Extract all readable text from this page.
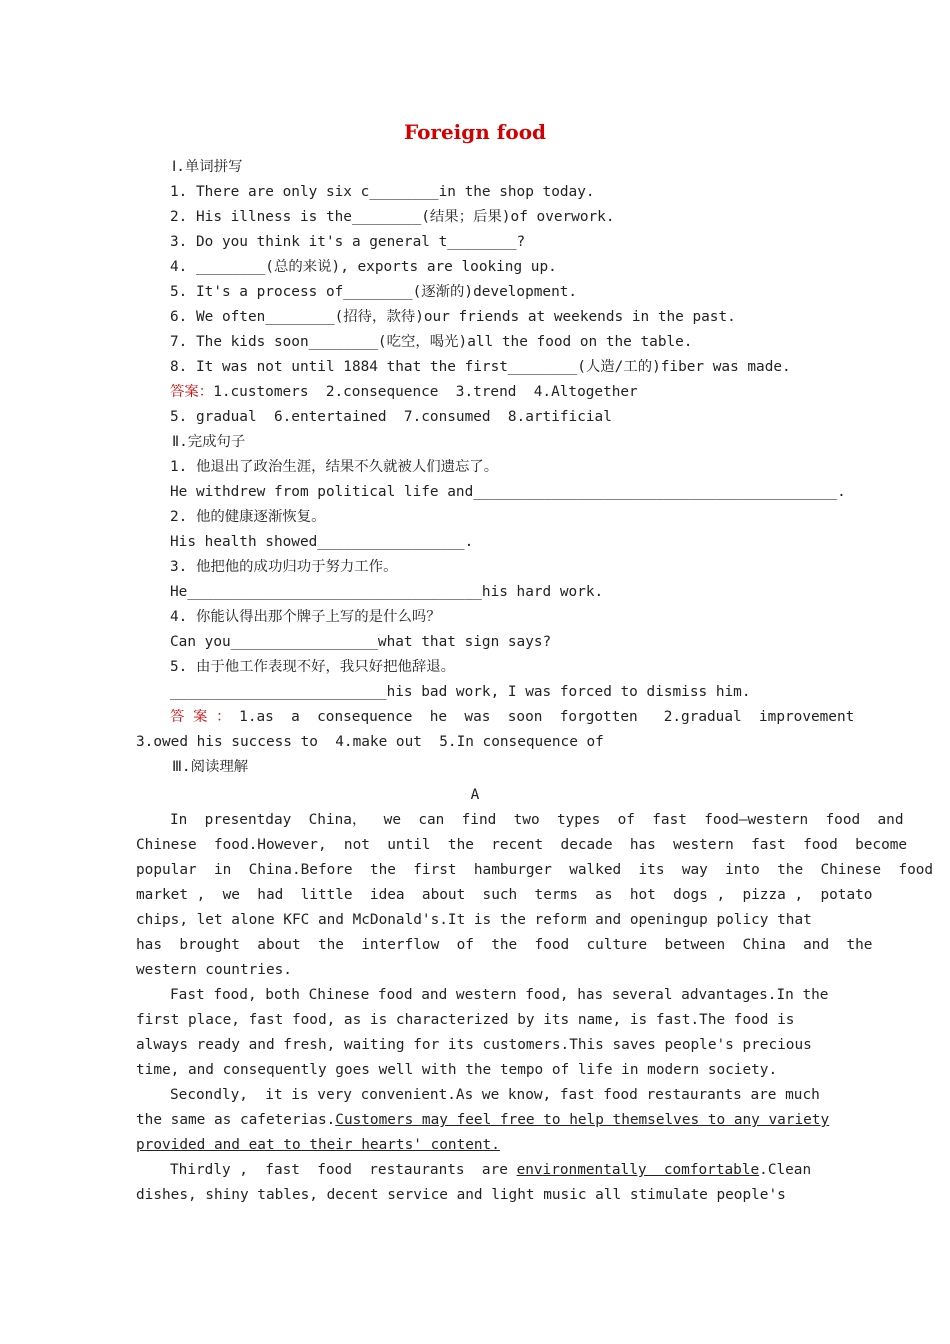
Foreign food
Ⅰ.单词拼写
1. There are only six c________in the shop today.
2. His illness is the________(结果；后果)of overwork.
3. Do you think it's a general t________?
4. ________(总的来说), exports are looking up.
5. It's a process of________(逐渐的)development.
6. We often________(招待，款待)our friends at weekends in the past.
7. The kids soon________(吃空，喝光)all the food on the table.
8. It was not until 1884 that the first________(人造/工的)fiber was made.
答案：1.customers  2.consequence  3.trend  4.Altogether
5. gradual  6.entertained  7.consumed  8.artificial
Ⅱ.完成句子
1. 他退出了政治生涯，结果不久就被人们遗忘了。
He withdrew from political life and__________________________________________.
2. 他的健康逐渐恢复。
His health showed_________________.
3. 他把他的成功归功于努力工作。
He__________________________________his hard work.
4. 你能认得出那个牌子上写的是什么吗？
Can you_________________what that sign says?
5. 由于他工作表现不好，我只好把他辞退。
_________________________his bad work, I was forced to dismiss him.
答 案 ： 1.as  a  consequence  he  was  soon  forgotten   2.gradual  improvement
3.owed his success to  4.make out  5.In consequence of
Ⅲ.阅读理解
A
In  presentday  China，  we  can  find  two  types  of  fast  food—western  food  and
Chinese  food.However,  not  until  the  recent  decade  has  western  fast  food  become
popular  in  China.Before  the  first  hamburger  walked  its  way  into  the  Chinese  food
market ,  we  had  little  idea  about  such  terms  as  hot  dogs ,  pizza ,  potato
chips, let alone KFC and McDonald's.It is the reform and openingup policy that
has  brought  about  the  interflow  of  the  food  culture  between  China  and  the
western countries.
Fast food, both Chinese food and western food, has several advantages.In the
first place, fast food, as is characterized by its name, is fast.The food is
always ready and fresh, waiting for its customers.This saves people's precious
time, and consequently goes well with the tempo of life in modern society.
Secondly,  it is very convenient.As we know, fast food restaurants are much
the same as cafeterias.Customers may feel free to help themselves to any variety
provided and eat to their hearts' content.
Thirdly ,  fast  food  restaurants  are environmentally  comfortable.Clean
dishes, shiny tables, decent service and light music all stimulate people's
